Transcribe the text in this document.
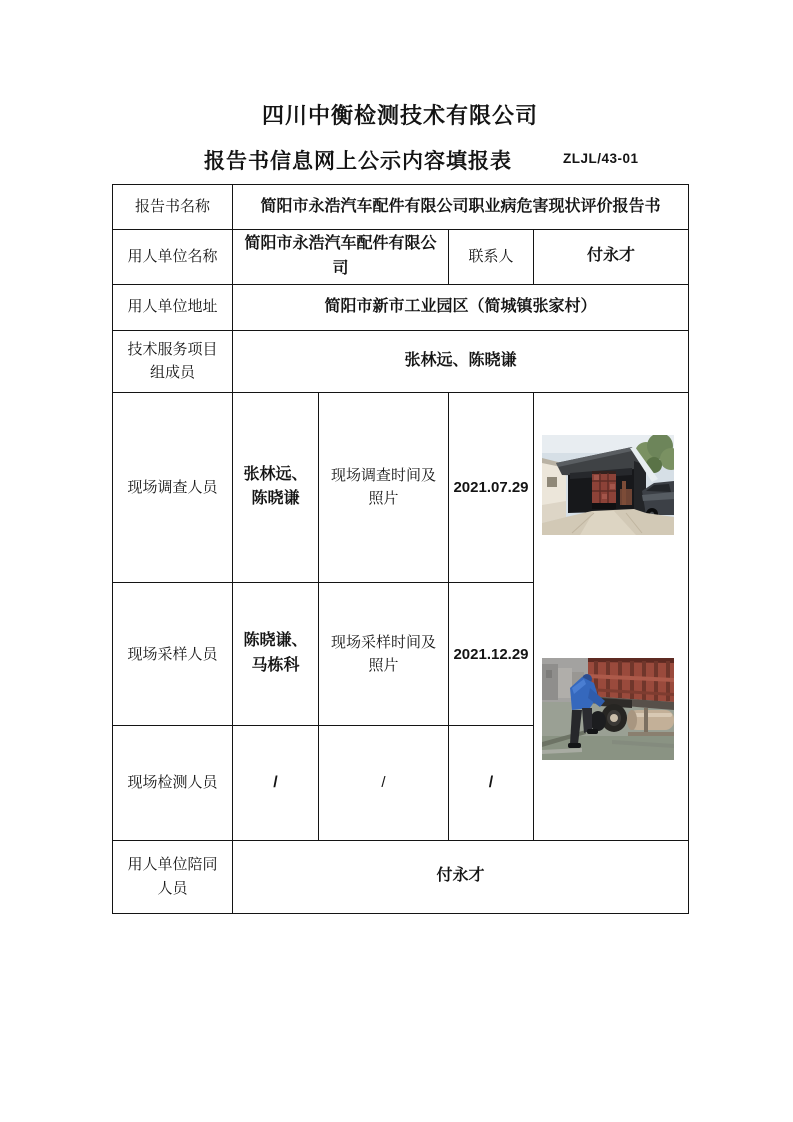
四川中衡检测技术有限公司
报告书信息网上公示内容填报表	ZLJL/43-01
报告书名称	简阳市永浩汽车配件有限公司职业病危害现状评价报告书			
用人单位名称	简阳市永浩汽车配件有限公司		联系人	付永才
用人单位地址	简阳市新市工业园区（简城镇张家村）			
技术服务项目组成员	张林远、陈晓谦			
现场调查人员	张林远、陈晓谦	现场调查时间及照片	2021.07.29	

现场采样人员	陈晓谦、马栋科	现场采样时间及照片	2021.12.29	
现场检测人员	/	/	/	
用人单位陪同人员	付永才			
